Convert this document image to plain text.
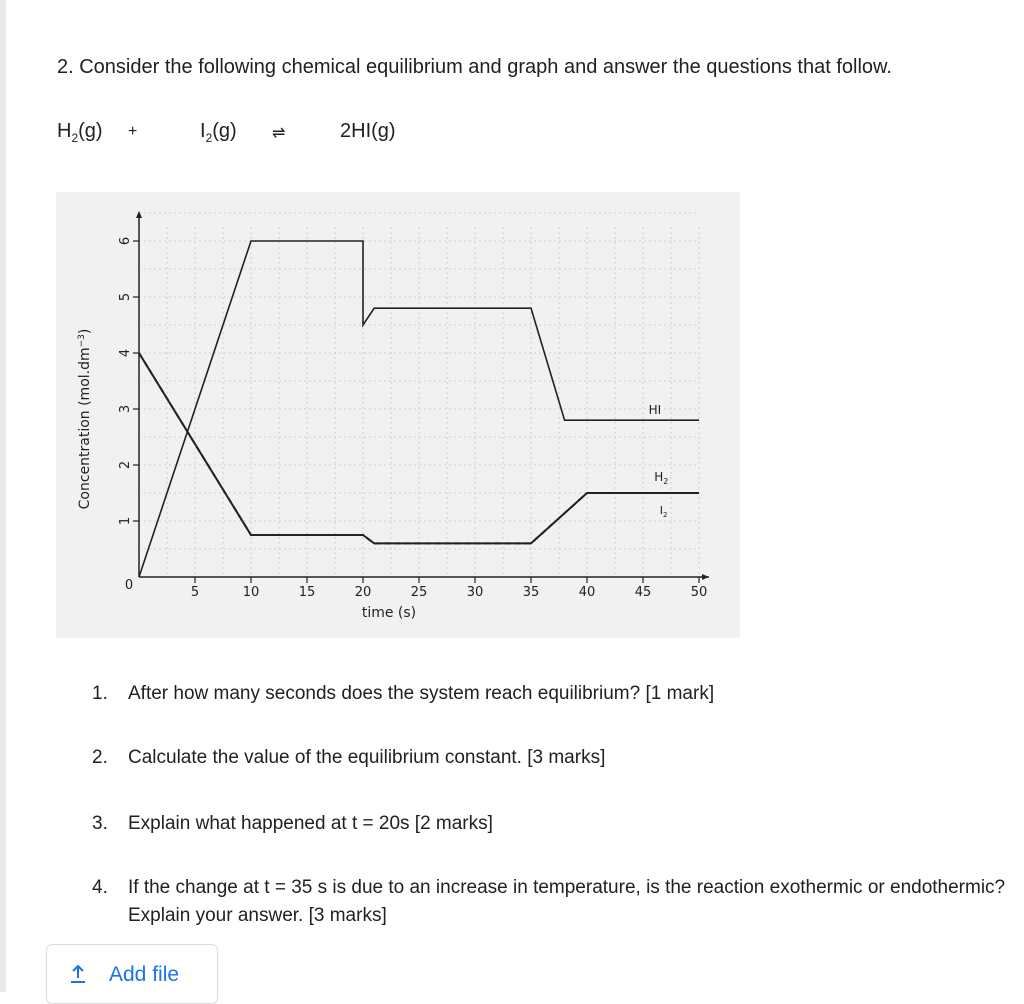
2. Consider the following chemical equilibrium and graph and answer the questions that follow.
$H_2(g)$ +	$I_2(g)$ ⇌	2HI(g)
0
1
2
3
4
5
6
5	10	15	20	25	30	35	40	45	50
time (s)
Concentration $(mol.dm^{-3})$
HI
$H_2$
$I_2$
1. After how many seconds does the system reach equilibrium? [1 mark]
2. Calculate the value of the equilibrium constant. [3 marks]
3. Explain what happened at t = 20s [2 marks]
4. If the change at t = 35 s is due to an increase in temperature, is the reaction exothermic or endothermic? Explain your answer. [3 marks]
Add file
